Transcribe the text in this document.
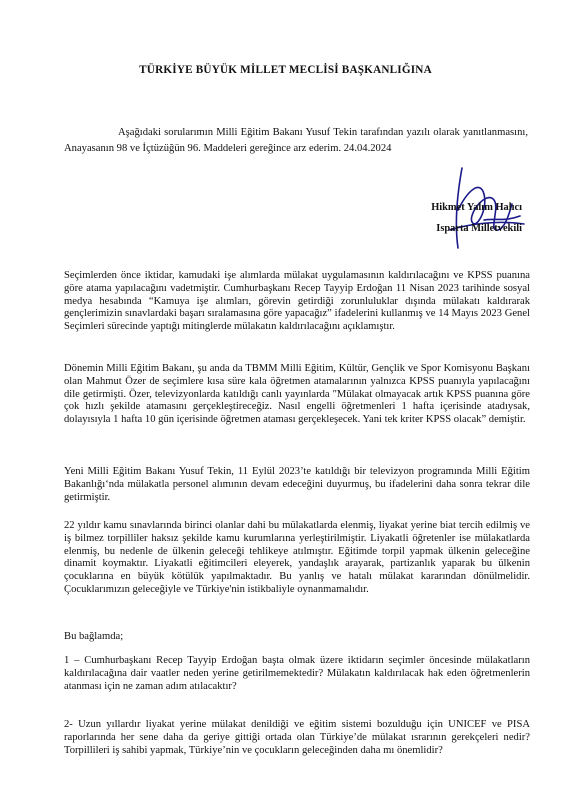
TÜRKİYE BÜYÜK MİLLET MECLİSİ BAŞKANLIĞINA
Aşağıdaki sorularımın Milli Eğitim Bakanı Yusuf Tekin tarafından yazılı olarak yanıtlanmasını, Anayasanın 98 ve İçtüzüğün 96. Maddeleri gereğince arz ederim. 24.04.2024
Hikmet Yalım Halıcı
Isparta Milletvekili
Seçimlerden önce iktidar, kamudaki işe alımlarda mülakat uygulamasının kaldırılacağını ve KPSS puanına göre atama yapılacağını vadetmiştir. Cumhurbaşkanı Recep Tayyip Erdoğan 11 Nisan 2023 tarihinde sosyal medya hesabında “Kamuya işe alımları, görevin getirdiği zorunluluklar dışında mülakatı kaldırarak gençlerimizin sınavlardaki başarı sıralamasına göre yapacağız” ifadelerini kullanmış ve 14 Mayıs 2023 Genel Seçimleri sürecinde yaptığı mitinglerde mülakatın kaldırılacağını açıklamıştır.
Dönemin Milli Eğitim Bakanı, şu anda da TBMM Milli Eğitim, Kültür, Gençlik ve Spor Komisyonu Başkanı olan Mahmut Özer de seçimlere kısa süre kala öğretmen atamalarının yalnızca KPSS puanıyla yapılacağını dile getirmişti. Özer, televizyonlarda katıldığı canlı yayınlarda "Mülakat olmayacak artık KPSS puanına göre çok hızlı şekilde atamasını gerçekleştireceğiz. Nasıl engelli öğretmenleri 1 hafta içerisinde atadıysak, dolayısıyla 1 hafta 10 gün içerisinde öğretmen ataması gerçekleşecek. Yani tek kriter KPSS olacak” demiştir.
Yeni Milli Eğitim Bakanı Yusuf Tekin, 11 Eylül 2023’te katıldığı bir televizyon programında Milli Eğitim Bakanlığı‘nda mülakatla personel alımının devam edeceğini duyurmuş, bu ifadelerini daha sonra tekrar dile getirmiştir.
22 yıldır kamu sınavlarında birinci olanlar dahi bu mülakatlarda elenmiş, liyakat yerine biat tercih edilmiş ve iş bilmez torpilliler haksız şekilde kamu kurumlarına yerleştirilmiştir. Liyakatli öğretenler ise mülakatlarda elenmiş, bu nedenle de ülkenin geleceği tehlikeye atılmıştır. Eğitimde torpil yapmak ülkenin geleceğine dinamit koymaktır. Liyakatli eğitimcileri eleyerek, yandaşlık arayarak, partizanlık yaparak bu ülkenin çocuklarına en büyük kötülük yapılmaktadır. Bu yanlış ve hatalı mülakat kararından dönülmelidir. Çocuklarımızın geleceğiyle ve Türkiye'nin istikbaliyle oynanmamalıdır.
Bu bağlamda;
1 – Cumhurbaşkanı Recep Tayyip Erdoğan başta olmak üzere iktidarın seçimler öncesinde mülakatların kaldırılacağına dair vaatler neden yerine getirilmemektedir? Mülakatın kaldırılacak hak eden öğretmenlerin atanması için ne zaman adım atılacaktır?
2- Uzun yıllardır liyakat yerine mülakat denildiği ve eğitim sistemi bozulduğu için UNICEF ve PISA raporlarında her sene daha da geriye gittiği ortada olan Türkiye’de mülakat ısrarının gerekçeleri nedir? Torpillileri iş sahibi yapmak, Türkiye’nin ve çocukların geleceğinden daha mı önemlidir?
